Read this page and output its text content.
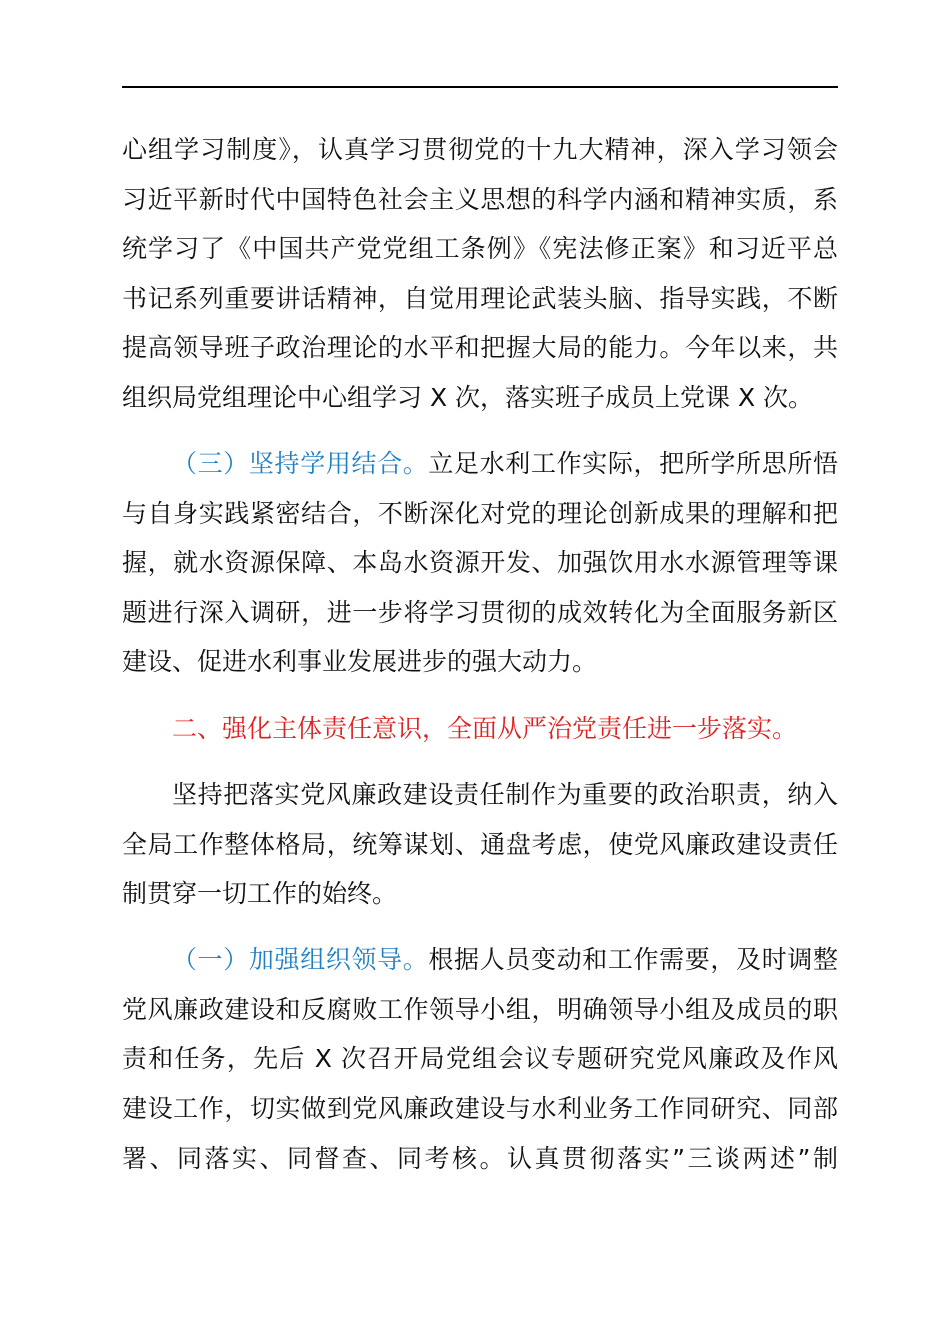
心组学习制度》，认真学习贯彻党的十九大精神，深入学习领会
习近平新时代中国特色社会主义思想的科学内涵和精神实质，系
统学习了《中国共产党党组工条例》《宪法修正案》和习近平总
书记系列重要讲话精神，自觉用理论武装头脑、指导实践，不断
提高领导班子政治理论的水平和把握大局的能力。今年以来，共
组织局党组理论中心组学习 X 次，落实班子成员上党课 X 次。
（三）坚持学用结合。立足水利工作实际，把所学所思所悟
与自身实践紧密结合，不断深化对党的理论创新成果的理解和把
握，就水资源保障、本岛水资源开发、加强饮用水水源管理等课
题进行深入调研，进一步将学习贯彻的成效转化为全面服务新区
建设、促进水利事业发展进步的强大动力。
二、强化主体责任意识，全面从严治党责任进一步落实。
坚持把落实党风廉政建设责任制作为重要的政治职责，纳入
全局工作整体格局，统筹谋划、通盘考虑，使党风廉政建设责任
制贯穿一切工作的始终。
（一）加强组织领导。根据人员变动和工作需要，及时调整
党风廉政建设和反腐败工作领导小组，明确领导小组及成员的职
责和任务，先后 X 次召开局党组会议专题研究党风廉政及作风
建设工作，切实做到党风廉政建设与水利业务工作同研究、同部
署、同落实、同督查、同考核。认真贯彻落实”三谈两述”制
